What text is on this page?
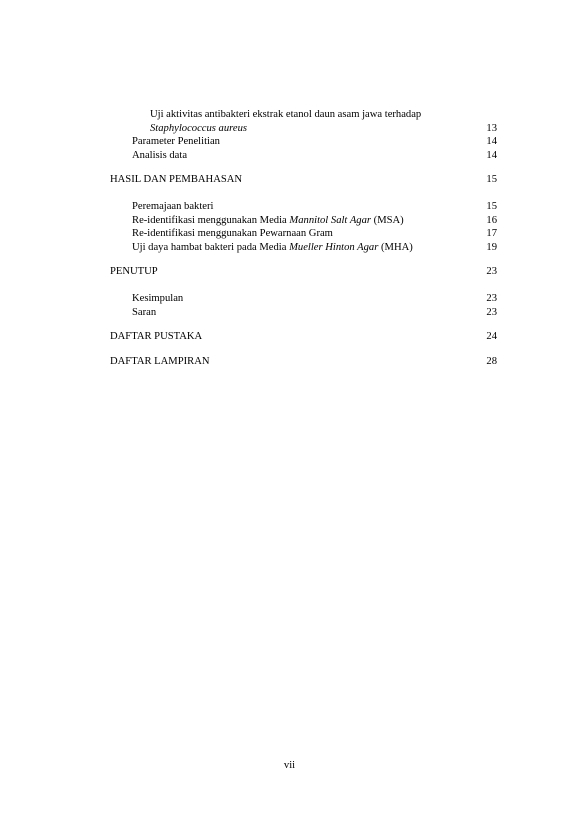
Uji aktivitas antibakteri ekstrak etanol daun asam jawa terhadap
Staphylococcus aureus	13
Parameter Penelitian	14
Analisis data	14
HASIL DAN PEMBAHASAN	15
Peremajaan bakteri	15
Re-identifikasi menggunakan Media Mannitol Salt Agar (MSA)	16
Re-identifikasi menggunakan Pewarnaan Gram	17
Uji daya hambat bakteri pada Media Mueller Hinton Agar (MHA)	19
PENUTUP	23
Kesimpulan	23
Saran	23
DAFTAR PUSTAKA	24
DAFTAR LAMPIRAN	28
vii
